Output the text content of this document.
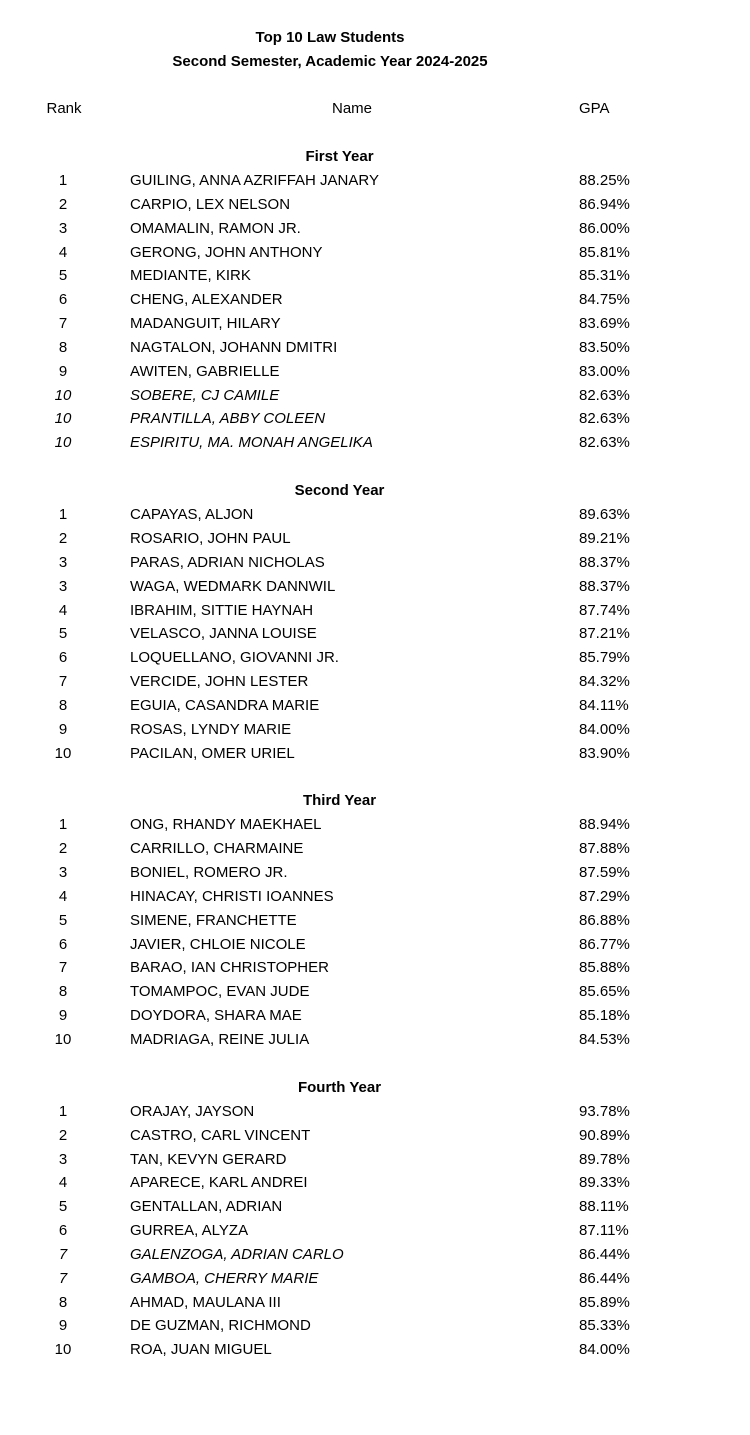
Top 10 Law Students
Second Semester, Academic Year 2024-2025
Rank	Name	GPA
First Year
1	GUILING, ANNA AZRIFFAH JANARY	88.25%
2	CARPIO, LEX NELSON	86.94%
3	OMAMALIN, RAMON JR.	86.00%
4	GERONG, JOHN ANTHONY	85.81%
5	MEDIANTE, KIRK	85.31%
6	CHENG, ALEXANDER	84.75%
7	MADANGUIT, HILARY	83.69%
8	NAGTALON, JOHANN DMITRI	83.50%
9	AWITEN, GABRIELLE	83.00%
10	SOBERE, CJ CAMILE	82.63%
10	PRANTILLA, ABBY COLEEN	82.63%
10	ESPIRITU, MA. MONAH ANGELIKA	82.63%
Second Year
1	CAPAYAS, ALJON	89.63%
2	ROSARIO, JOHN PAUL	89.21%
3	PARAS, ADRIAN NICHOLAS	88.37%
3	WAGA, WEDMARK DANNWIL	88.37%
4	IBRAHIM, SITTIE HAYNAH	87.74%
5	VELASCO, JANNA LOUISE	87.21%
6	LOQUELLANO, GIOVANNI JR.	85.79%
7	VERCIDE, JOHN LESTER	84.32%
8	EGUIA, CASANDRA MARIE	84.11%
9	ROSAS, LYNDY MARIE	84.00%
10	PACILAN, OMER URIEL	83.90%
Third Year
1	ONG, RHANDY MAEKHAEL	88.94%
2	CARRILLO, CHARMAINE	87.88%
3	BONIEL, ROMERO JR.	87.59%
4	HINACAY, CHRISTI IOANNES	87.29%
5	SIMENE, FRANCHETTE	86.88%
6	JAVIER, CHLOIE NICOLE	86.77%
7	BARAO, IAN CHRISTOPHER	85.88%
8	TOMAMPOC, EVAN JUDE	85.65%
9	DOYDORA, SHARA MAE	85.18%
10	MADRIAGA, REINE JULIA	84.53%
Fourth Year
1	ORAJAY, JAYSON	93.78%
2	CASTRO, CARL VINCENT	90.89%
3	TAN, KEVYN GERARD	89.78%
4	APARECE, KARL ANDREI	89.33%
5	GENTALLAN, ADRIAN	88.11%
6	GURREA, ALYZA	87.11%
7	GALENZOGA, ADRIAN CARLO	86.44%
7	GAMBOA, CHERRY MARIE	86.44%
8	AHMAD, MAULANA III	85.89%
9	DE GUZMAN, RICHMOND	85.33%
10	ROA, JUAN MIGUEL	84.00%
